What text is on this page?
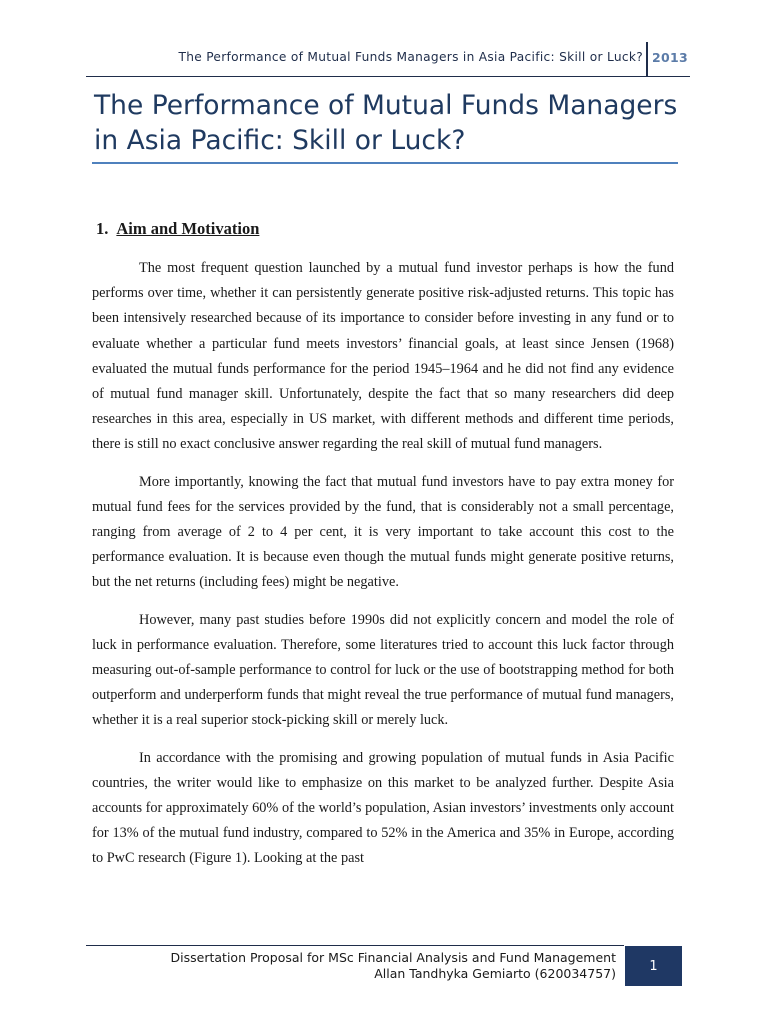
The Performance of Mutual Funds Managers in Asia Pacific: Skill or Luck? 2013
The Performance of Mutual Funds Managers in Asia Pacific: Skill or Luck?
1. Aim and Motivation

The most frequent question launched by a mutual fund investor perhaps is how the fund performs over time, whether it can persistently generate positive risk-adjusted returns. This topic has been intensively researched because of its importance to consider before investing in any fund or to evaluate whether a particular fund meets investors’ financial goals, at least since Jensen (1968) evaluated the mutual funds performance for the period 1945–1964 and he did not find any evidence of mutual fund manager skill. Unfortunately, despite the fact that so many researchers did deep researches in this area, especially in US market, with different methods and different time periods, there is still no exact conclusive answer regarding the real skill of mutual fund managers.

More importantly, knowing the fact that mutual fund investors have to pay extra money for mutual fund fees for the services provided by the fund, that is considerably not a small percentage, ranging from average of 2 to 4 per cent, it is very important to take account this cost to the performance evaluation. It is because even though the mutual funds might generate positive returns, but the net returns (including fees) might be negative.

However, many past studies before 1990s did not explicitly concern and model the role of luck in performance evaluation. Therefore, some literatures tried to account this luck factor through measuring out-of-sample performance to control for luck or the use of bootstrapping method for both outperform and underperform funds that might reveal the true performance of mutual fund managers, whether it is a real superior stock-picking skill or merely luck.

In accordance with the promising and growing population of mutual funds in Asia Pacific countries, the writer would like to emphasize on this market to be analyzed further. Despite Asia accounts for approximately 60% of the world’s population, Asian investors’ investments only account for 13% of the mutual fund industry, compared to 52% in the America and 35% in Europe, according to PwC research (Figure 1). Looking at the past

Dissertation Proposal for MSc Financial Analysis and Fund Management
Allan Tandhyka Gemiarto (620034757)	1
